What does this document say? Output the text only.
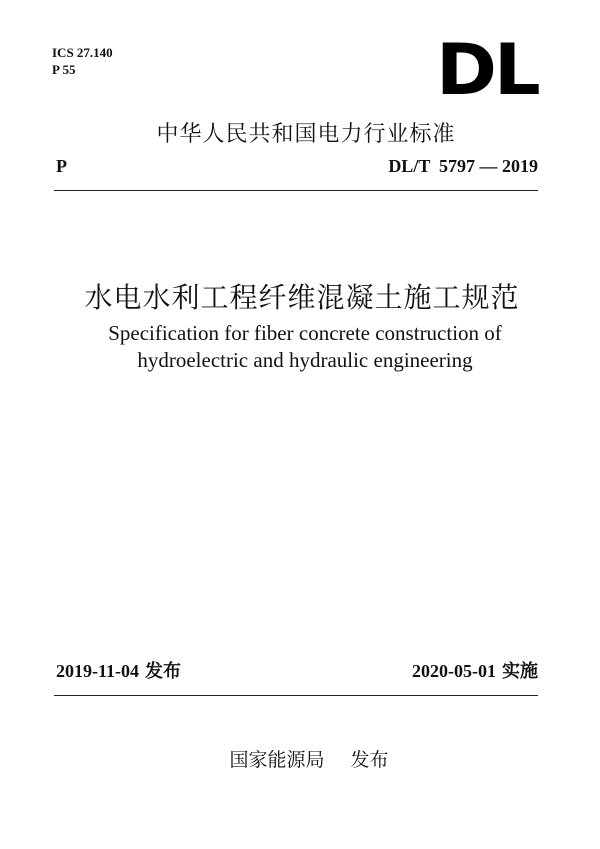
ICS 27.140
P 55	DL
中华人民共和国电力行业标准
P	DL/T  5797 — 2019
水电水利工程纤维混凝土施工规范
Specification for fiber concrete construction of
hydroelectric and hydraulic engineering
2019-11-04 发布	2020-05-01 实施
国家能源局 发布
